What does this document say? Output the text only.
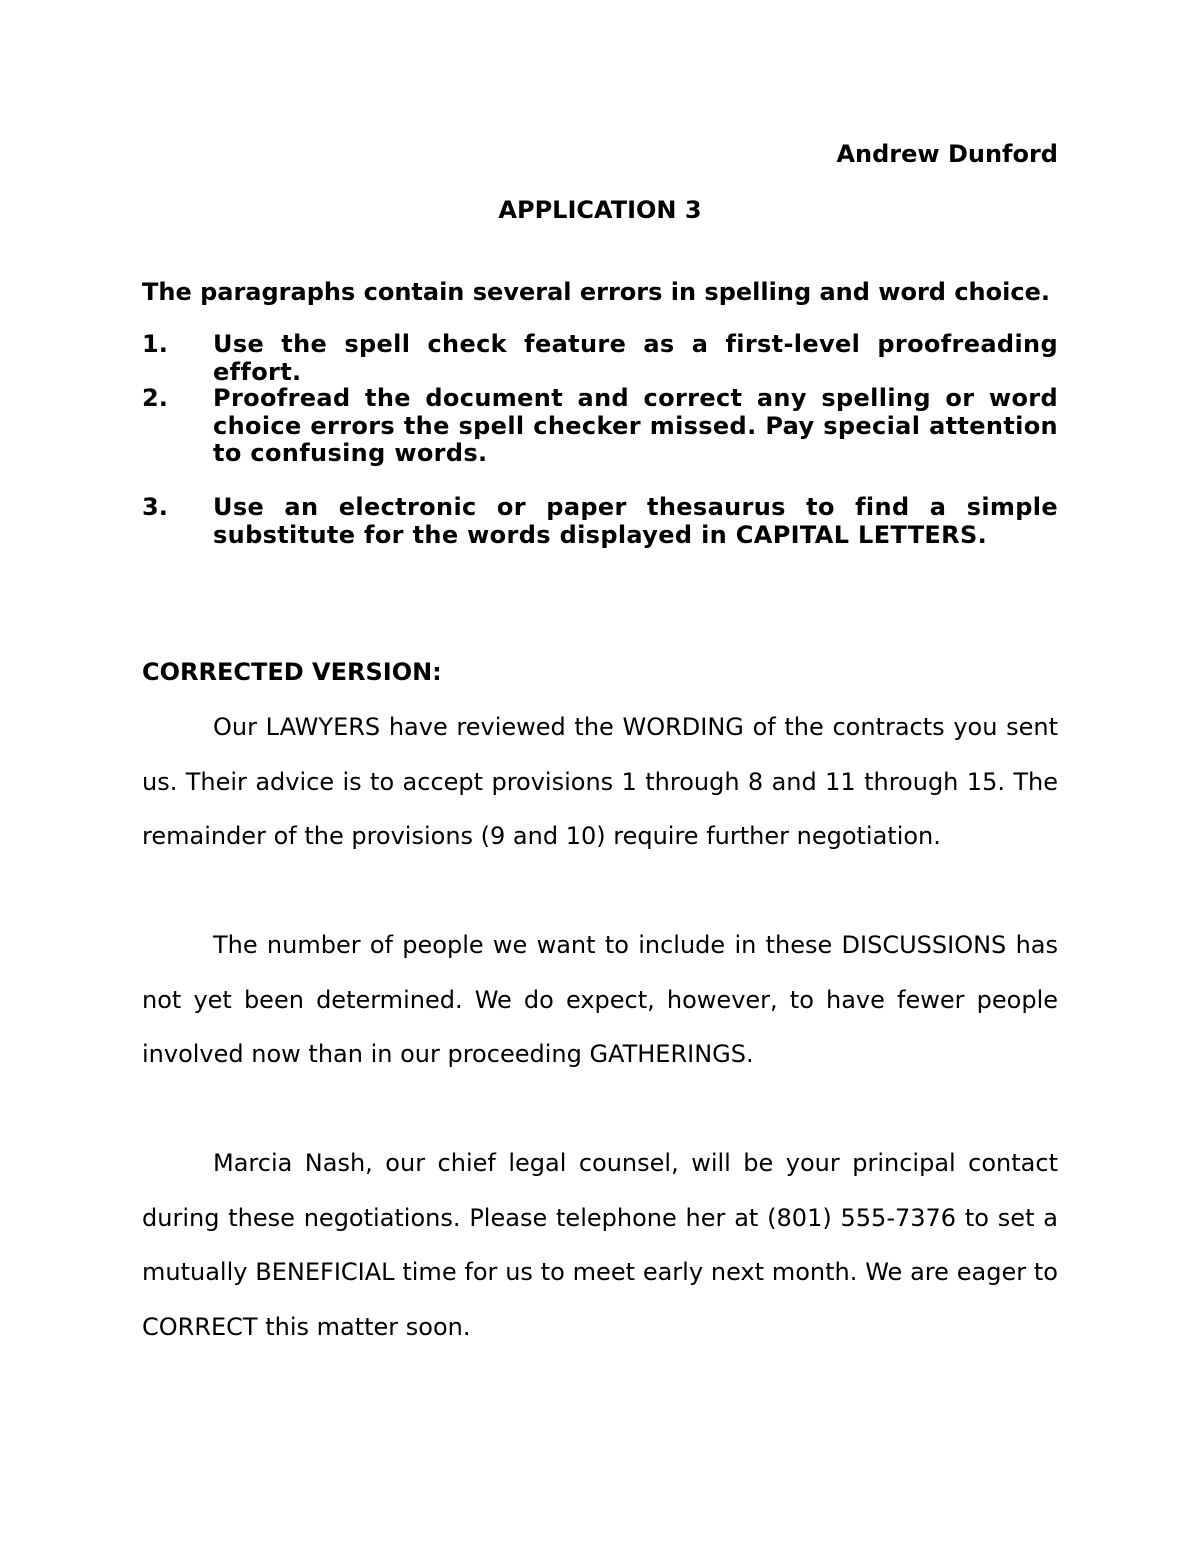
Andrew Dunford
APPLICATION 3
The paragraphs contain several errors in spelling and word choice.
1. Use the spell check feature as a first-level proofreading effort.
2. Proofread the document and correct any spelling or word choice errors the spell checker missed. Pay special attention to confusing words.
3. Use an electronic or paper thesaurus to find a simple substitute for the words displayed in CAPITAL LETTERS.
CORRECTED VERSION:

Our LAWYERS have reviewed the WORDING of the contracts you sent us. Their advice is to accept provisions 1 through 8 and 11 through 15. The remainder of the provisions (9 and 10) require further negotiation.

The number of people we want to include in these DISCUSSIONS has not yet been determined. We do expect, however, to have fewer people involved now than in our proceeding GATHERINGS.

Marcia Nash, our chief legal counsel, will be your principal contact during these negotiations. Please telephone her at (801) 555-7376 to set a mutually BENEFICIAL time for us to meet early next month. We are eager to CORRECT this matter soon.
